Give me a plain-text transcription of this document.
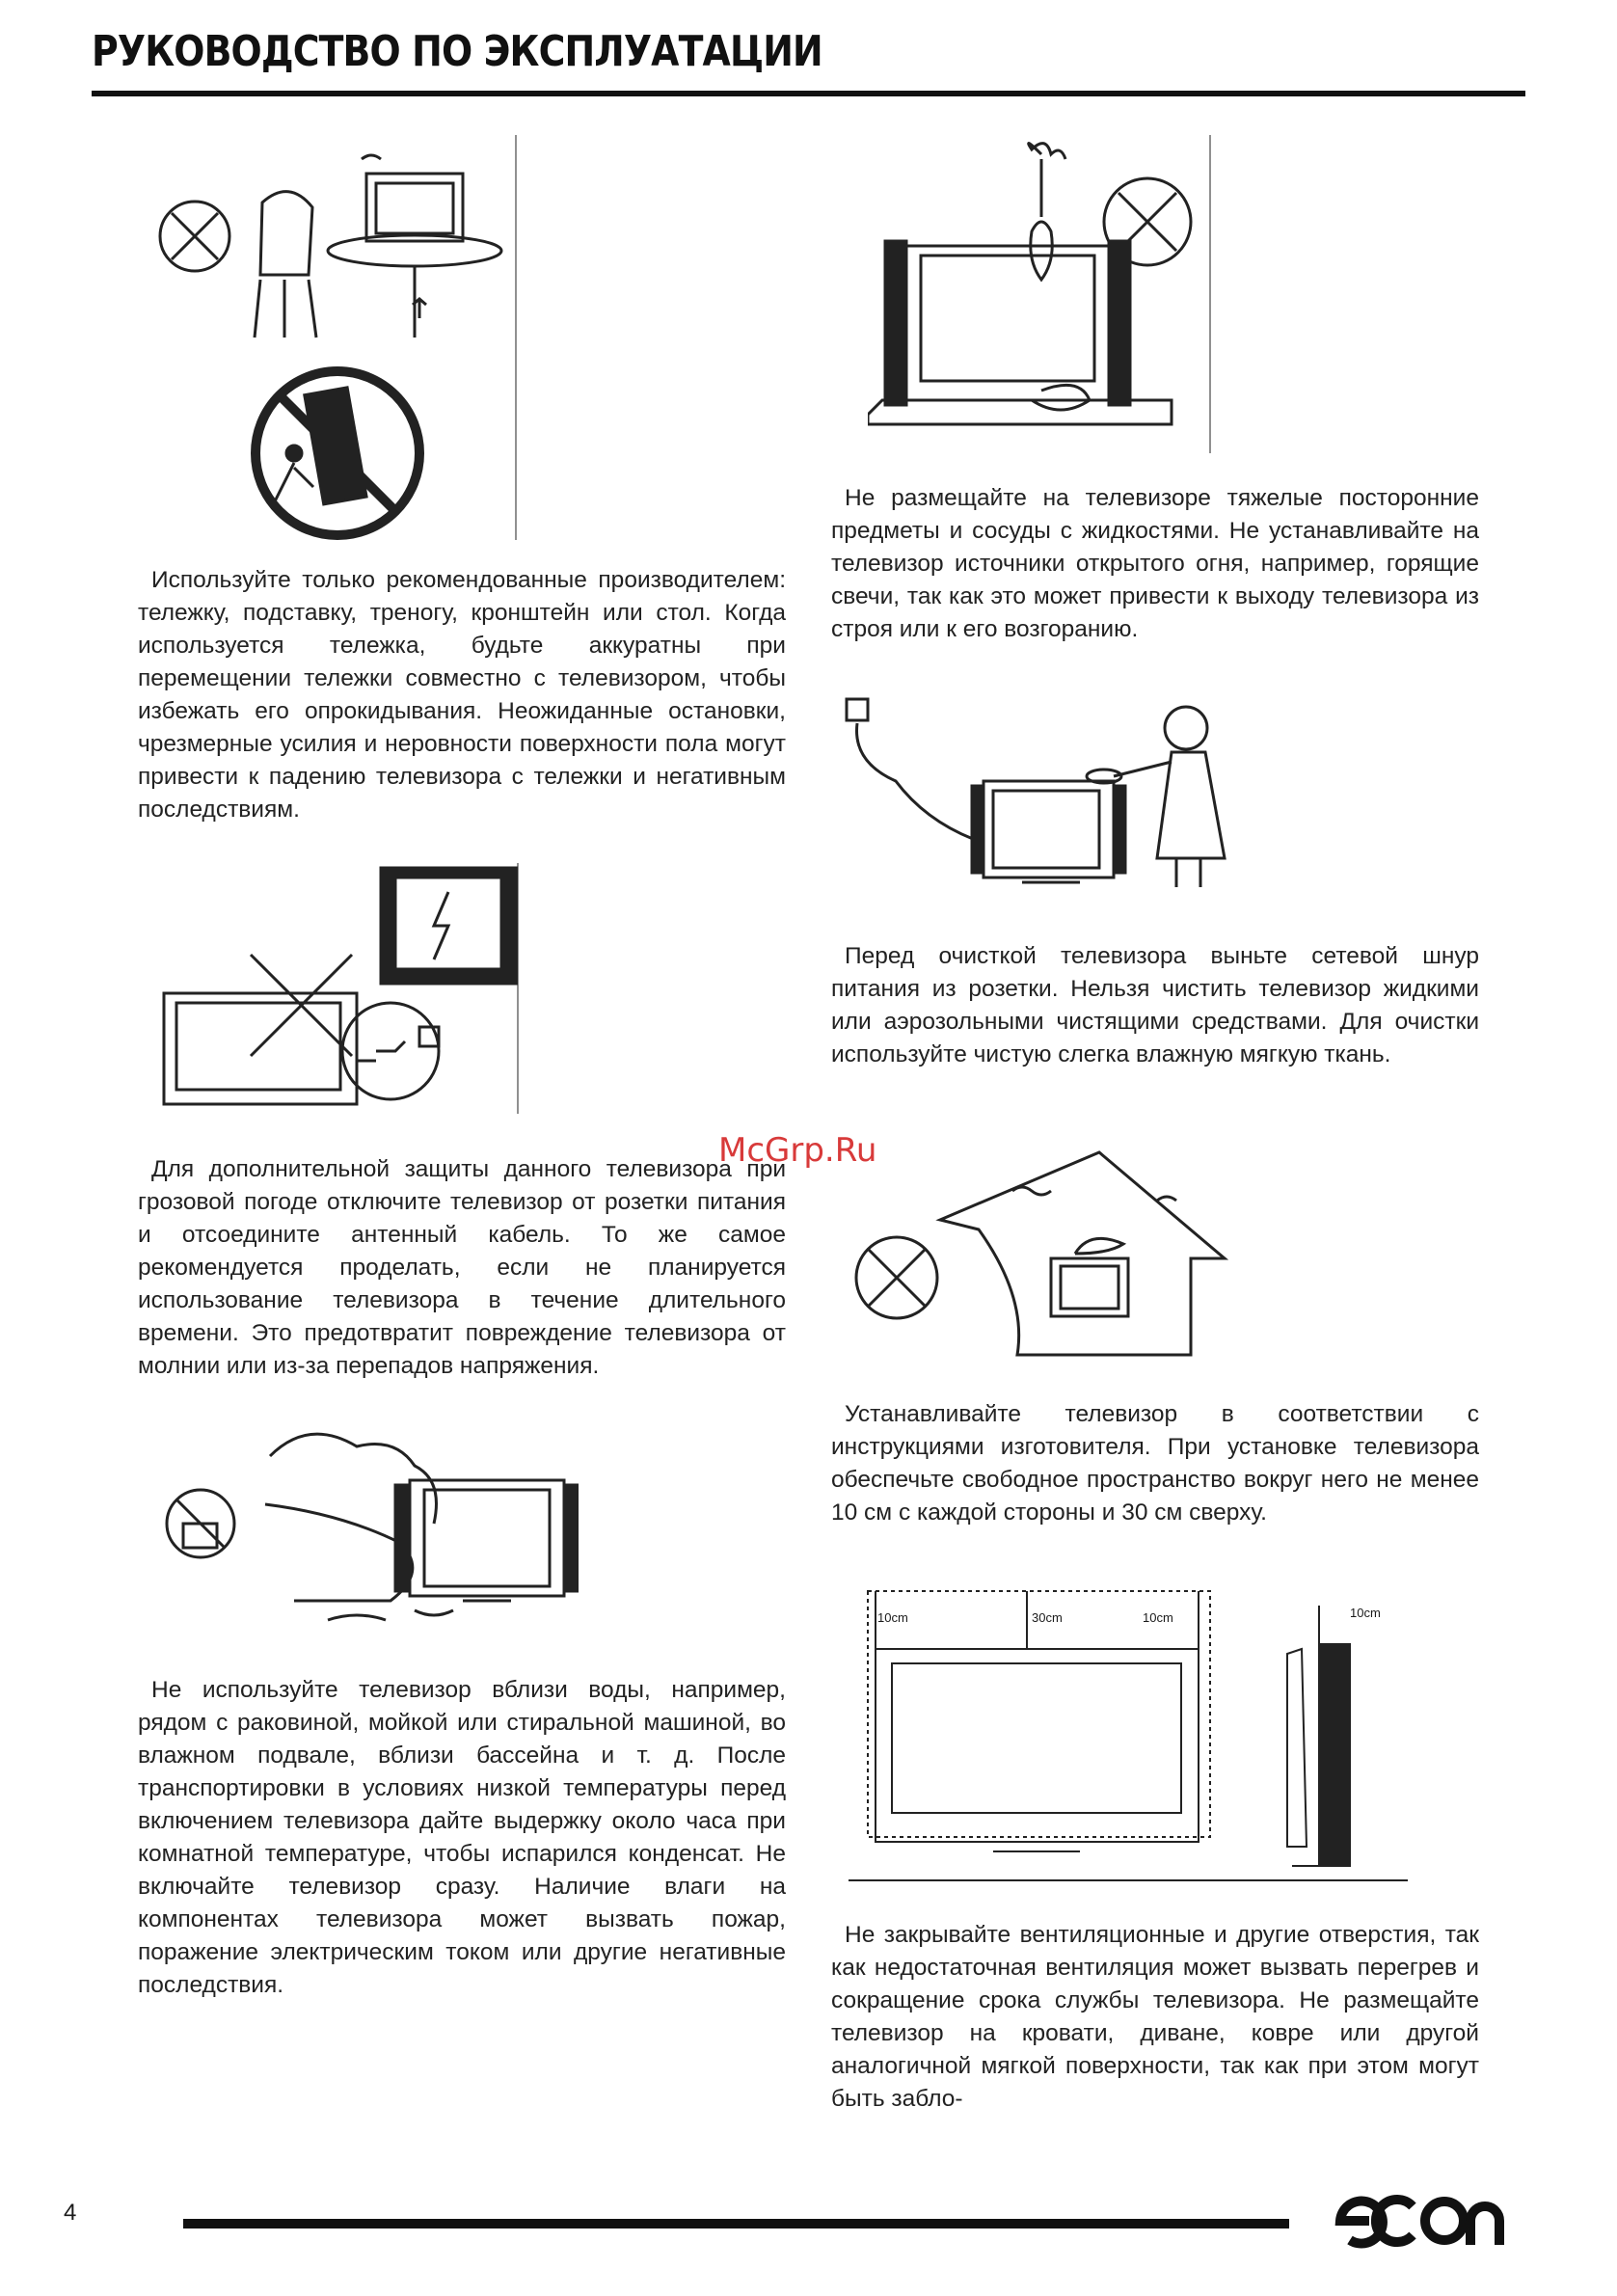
РУКОВОДСТВО ПО ЭКСПЛУАТАЦИИ
Используйте только рекомендованные производителем: тележку, подставку, треногу, кронштейн или стол. Когда используется тележка, будьте аккуратны при перемещении тележки совместно с телевизором, чтобы избежать его опрокидывания. Неожиданные остановки, чрезмерные усилия и неровности поверхности пола могут привести к падению телевизора с тележки и негативным последствиям.
Для дополнительной защиты данного телевизора при грозовой погоде отключите телевизор от розетки питания и отсоедините антенный кабель. То же самое рекомендуется проделать, если не планируется использование телевизора в течение длительного времени. Это предотвратит повреждение телевизора от молнии или из-за перепадов напряжения.
Не используйте телевизор вблизи воды, например, рядом с раковиной, мойкой или стиральной машиной, во влажном подвале, вблизи бассейна и т. д. После транспортировки в условиях низкой температуры перед включением телевизора дайте выдержку около часа при комнатной температуре, чтобы испарился конденсат. Не включайте телевизор сразу. Наличие влаги на компонентах телевизора может вызвать пожар, поражение электрическим током или другие негативные последствия.
Не размещайте на телевизоре тяжелые посторонние предметы и сосуды с жидкостями. Не устанавливайте на телевизор источники открытого огня, например, горящие свечи, так как это может привести к выходу телевизора из строя или к его возгоранию.
Перед очисткой телевизора выньте сетевой шнур питания из розетки. Нельзя чистить телевизор жидкими или аэрозольными чистящими средствами. Для очистки используйте чистую слегка влажную мягкую ткань.
McGrp.Ru
Устанавливайте телевизор в соответствии с инструкциями изготовителя. При установке телевизора обеспечьте свободное пространство вокруг него не менее 10 см с каждой стороны и 30 см сверху.
10cm	30cm	10cm	10cm
Не закрывайте вентиляционные и другие отверстия, так как недостаточная вентиляция может вызвать перегрев и сокращение срока службы телевизора. Не размещайте телевизор на кровати, диване, ковре или другой аналогичной мягкой поверхности, так как при этом могут быть забло-
4
